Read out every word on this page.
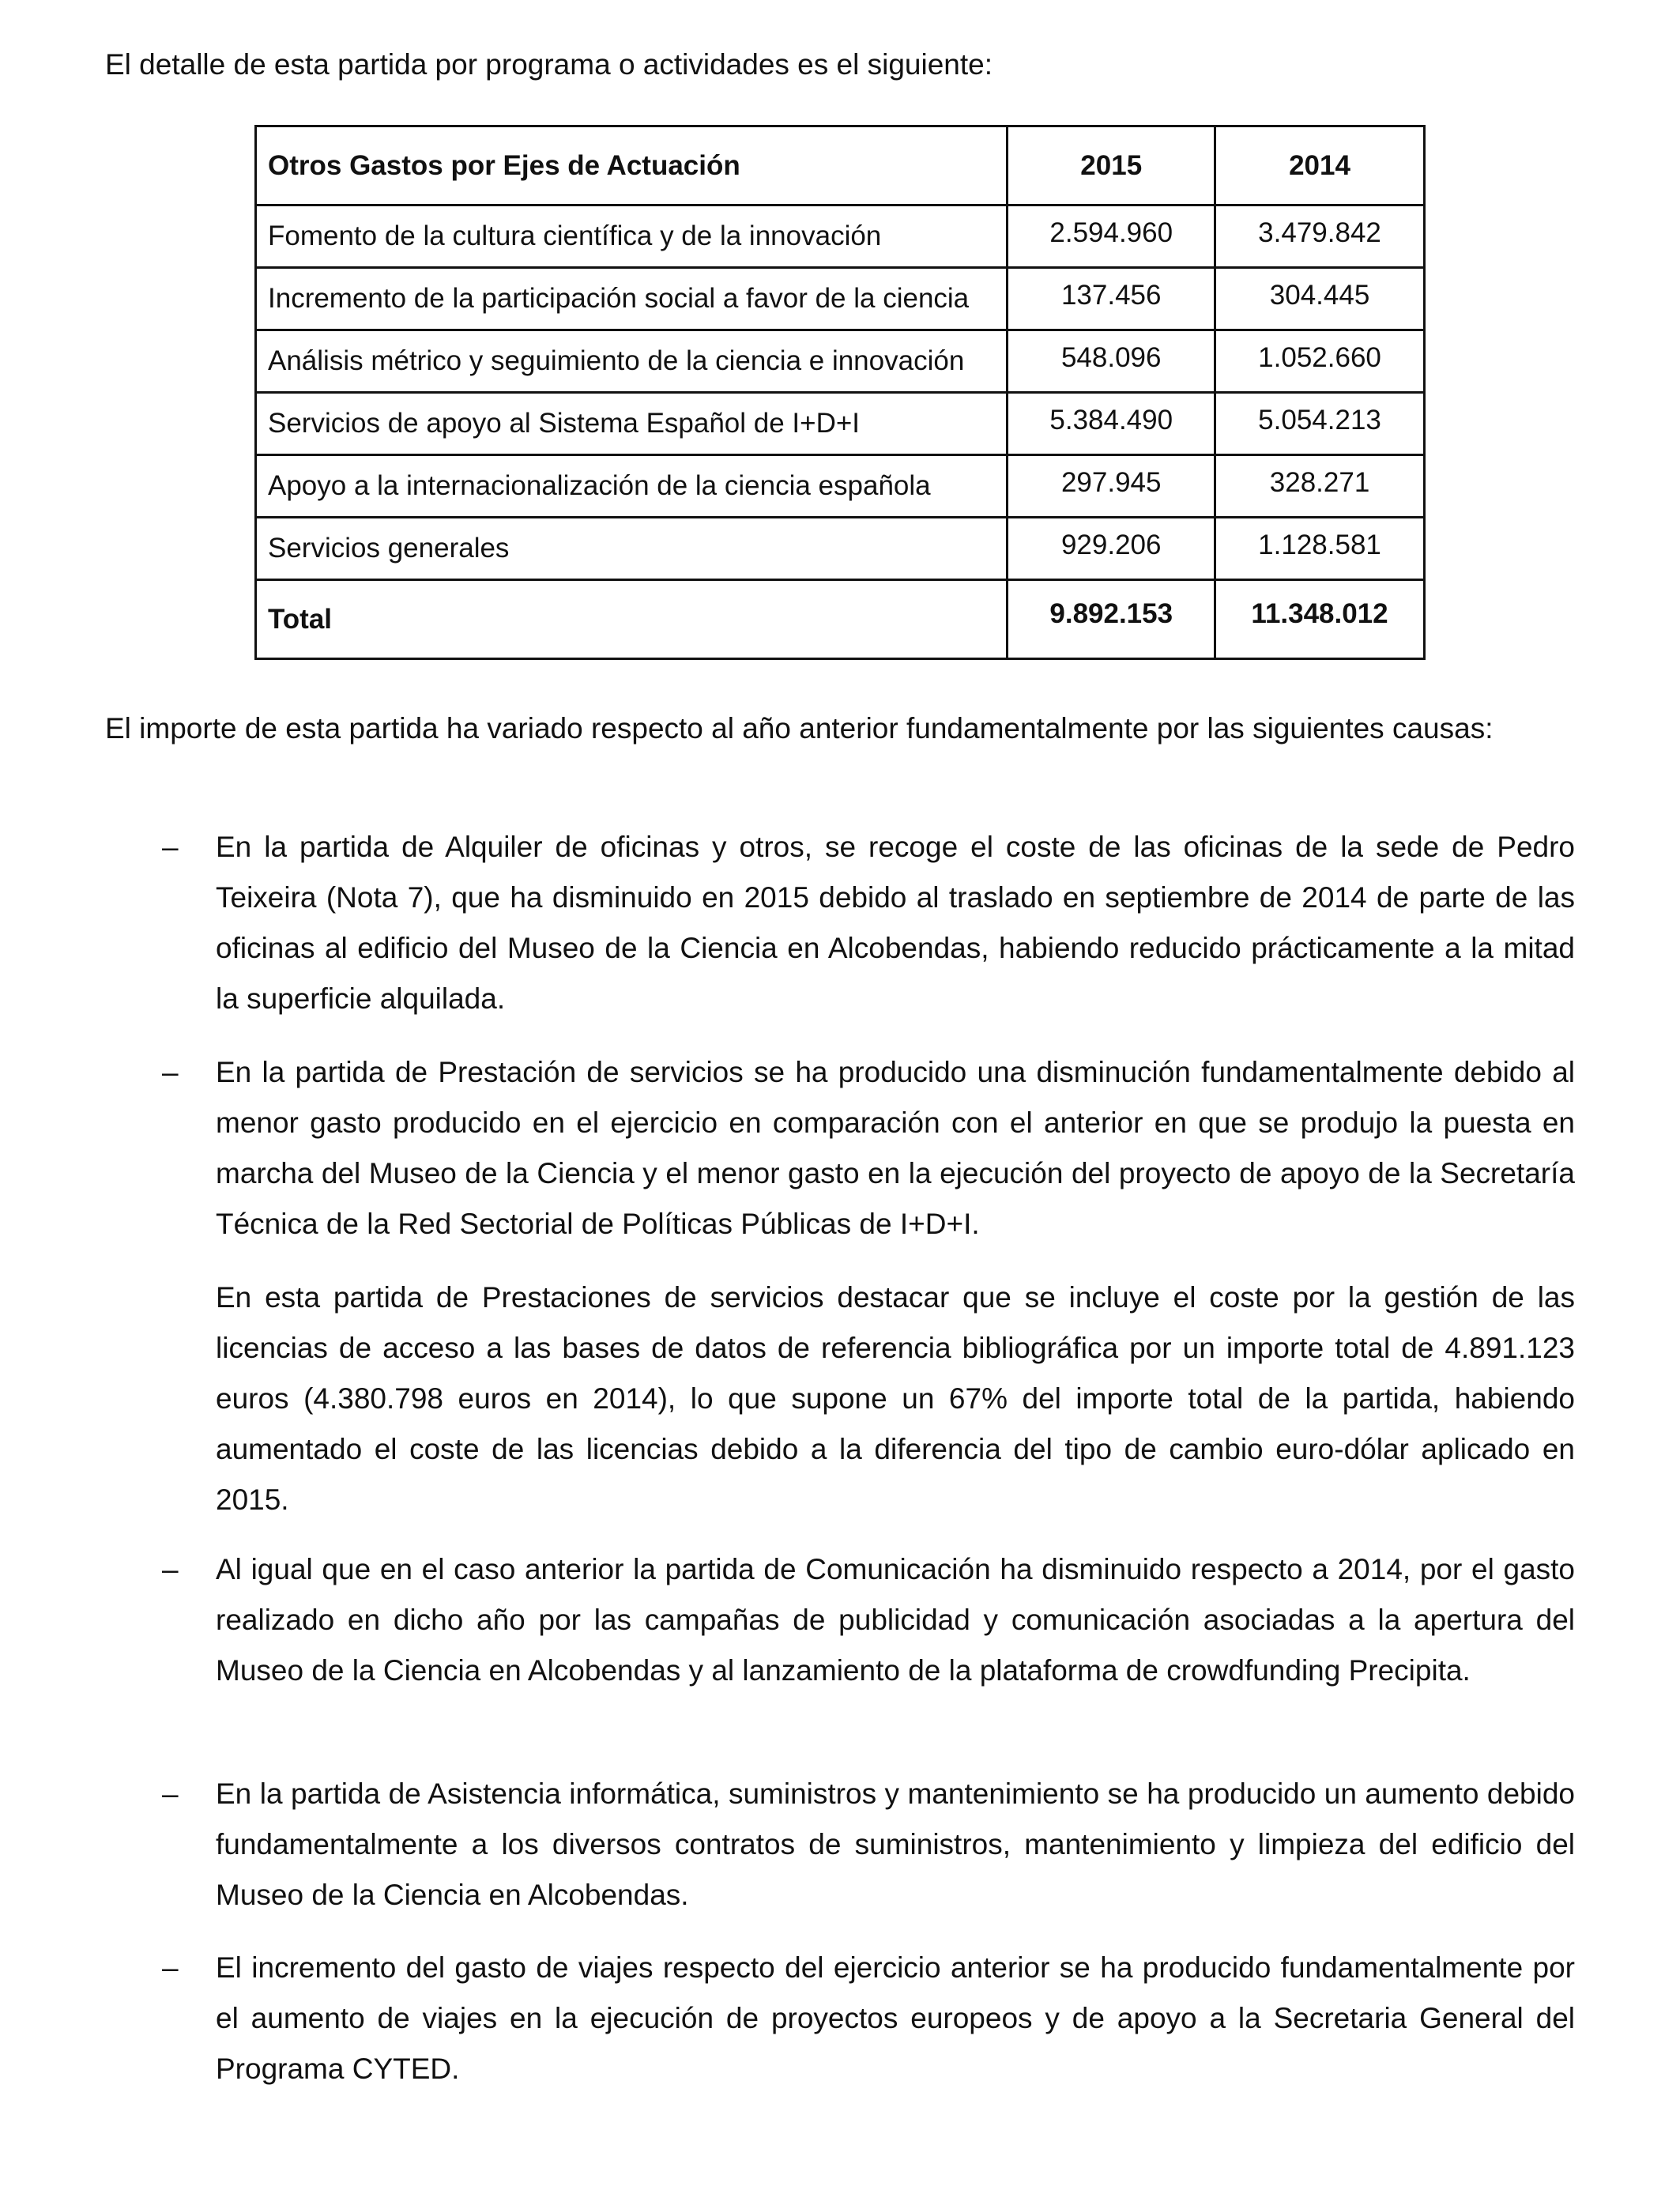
El detalle de esta partida por programa o actividades es el siguiente:

Otros Gastos por Ejes de Actuación	2015	2014
Fomento de la cultura científica y de la innovación	2.594.960	3.479.842
Incremento de la participación social a favor de la ciencia	137.456	304.445
Análisis métrico y seguimiento de la ciencia e innovación	548.096	1.052.660
Servicios de apoyo al Sistema Español de I+D+I	5.384.490	5.054.213
Apoyo a la internacionalización de la ciencia española	297.945	328.271
Servicios generales	929.206	1.128.581
Total	9.892.153	11.348.012

El importe de esta partida ha variado respecto al año anterior fundamentalmente por las siguientes causas:

– En la partida de Alquiler de oficinas y otros, se recoge el coste de las oficinas de la sede de Pedro Teixeira (Nota 7), que ha disminuido en 2015 debido al traslado en septiembre de 2014 de parte de las oficinas al edificio del Museo de la Ciencia en Alcobendas, habiendo reducido prácticamente a la mitad la superficie alquilada.

– En la partida de Prestación de servicios se ha producido una disminución fundamentalmente debido al menor gasto producido en el ejercicio en comparación con el anterior en que se produjo la puesta en marcha del Museo de la Ciencia y el menor gasto en la ejecución del proyecto de apoyo de la Secretaría Técnica de la Red Sectorial de Políticas Públicas de I+D+I.

En esta partida de Prestaciones de servicios destacar que se incluye el coste por la gestión de las licencias de acceso a las bases de datos de referencia bibliográfica por un importe total de 4.891.123 euros (4.380.798 euros en 2014), lo que supone un 67% del importe total de la partida, habiendo aumentado el coste de las licencias debido a la diferencia del tipo de cambio euro-dólar aplicado en 2015.

– Al igual que en el caso anterior la partida de Comunicación ha disminuido respecto a 2014, por el gasto realizado en dicho año por las campañas de publicidad y comunicación asociadas a la apertura del Museo de la Ciencia en Alcobendas y al lanzamiento de la plataforma de crowdfunding Precipita.

– En la partida de Asistencia informática, suministros y mantenimiento se ha producido un aumento debido fundamentalmente a los diversos contratos de suministros, mantenimiento y limpieza del edificio del Museo de la Ciencia en Alcobendas.

– El incremento del gasto de viajes respecto del ejercicio anterior se ha producido fundamentalmente por el aumento de viajes en la ejecución de proyectos europeos y de apoyo a la Secretaria General del Programa CYTED.
